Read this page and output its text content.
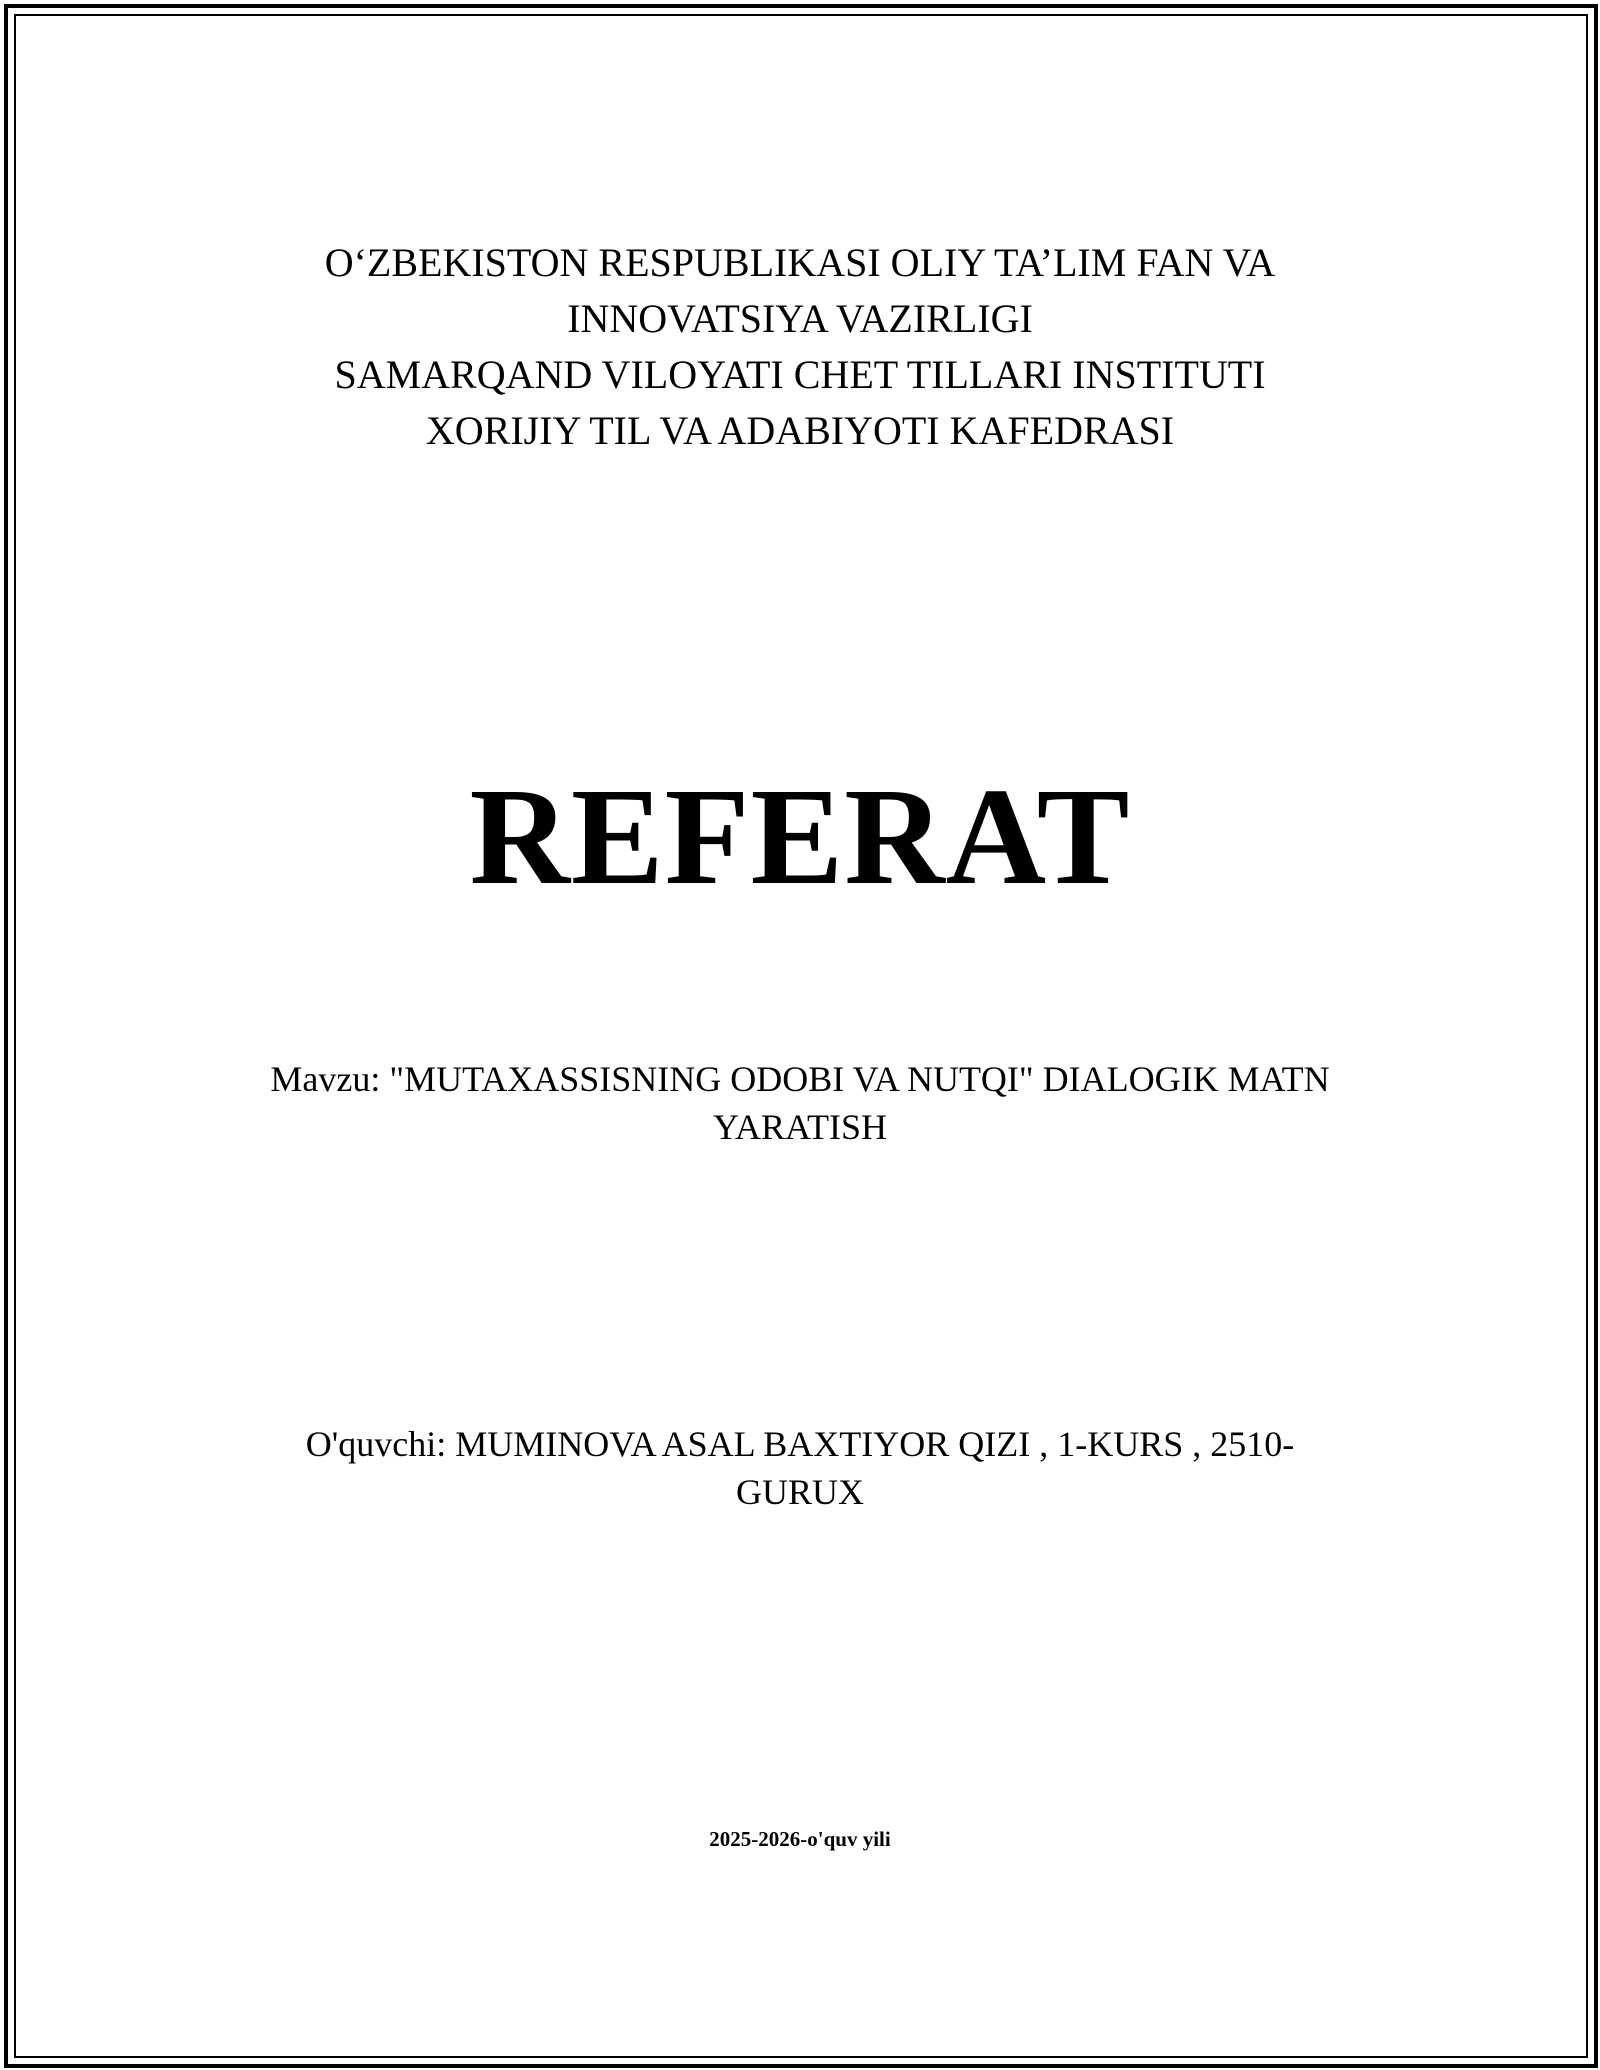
O‘ZBEKISTON RESPUBLIKASI OLIY TA’LIM FAN VA
INNOVATSIYA VAZIRLIGI
SAMARQAND VILOYATI CHET TILLARI INSTITUTI
XORIJIY TIL VA ADABIYOTI KAFEDRASI
REFERAT
Mavzu: "MUTAXASSISNING ODOBI VA NUTQI" DIALOGIK MATN
YARATISH
O'quvchi: MUMINOVA ASAL BAXTIYOR QIZI , 1-KURS , 2510-
GURUX
2025-2026-o'quv yili
